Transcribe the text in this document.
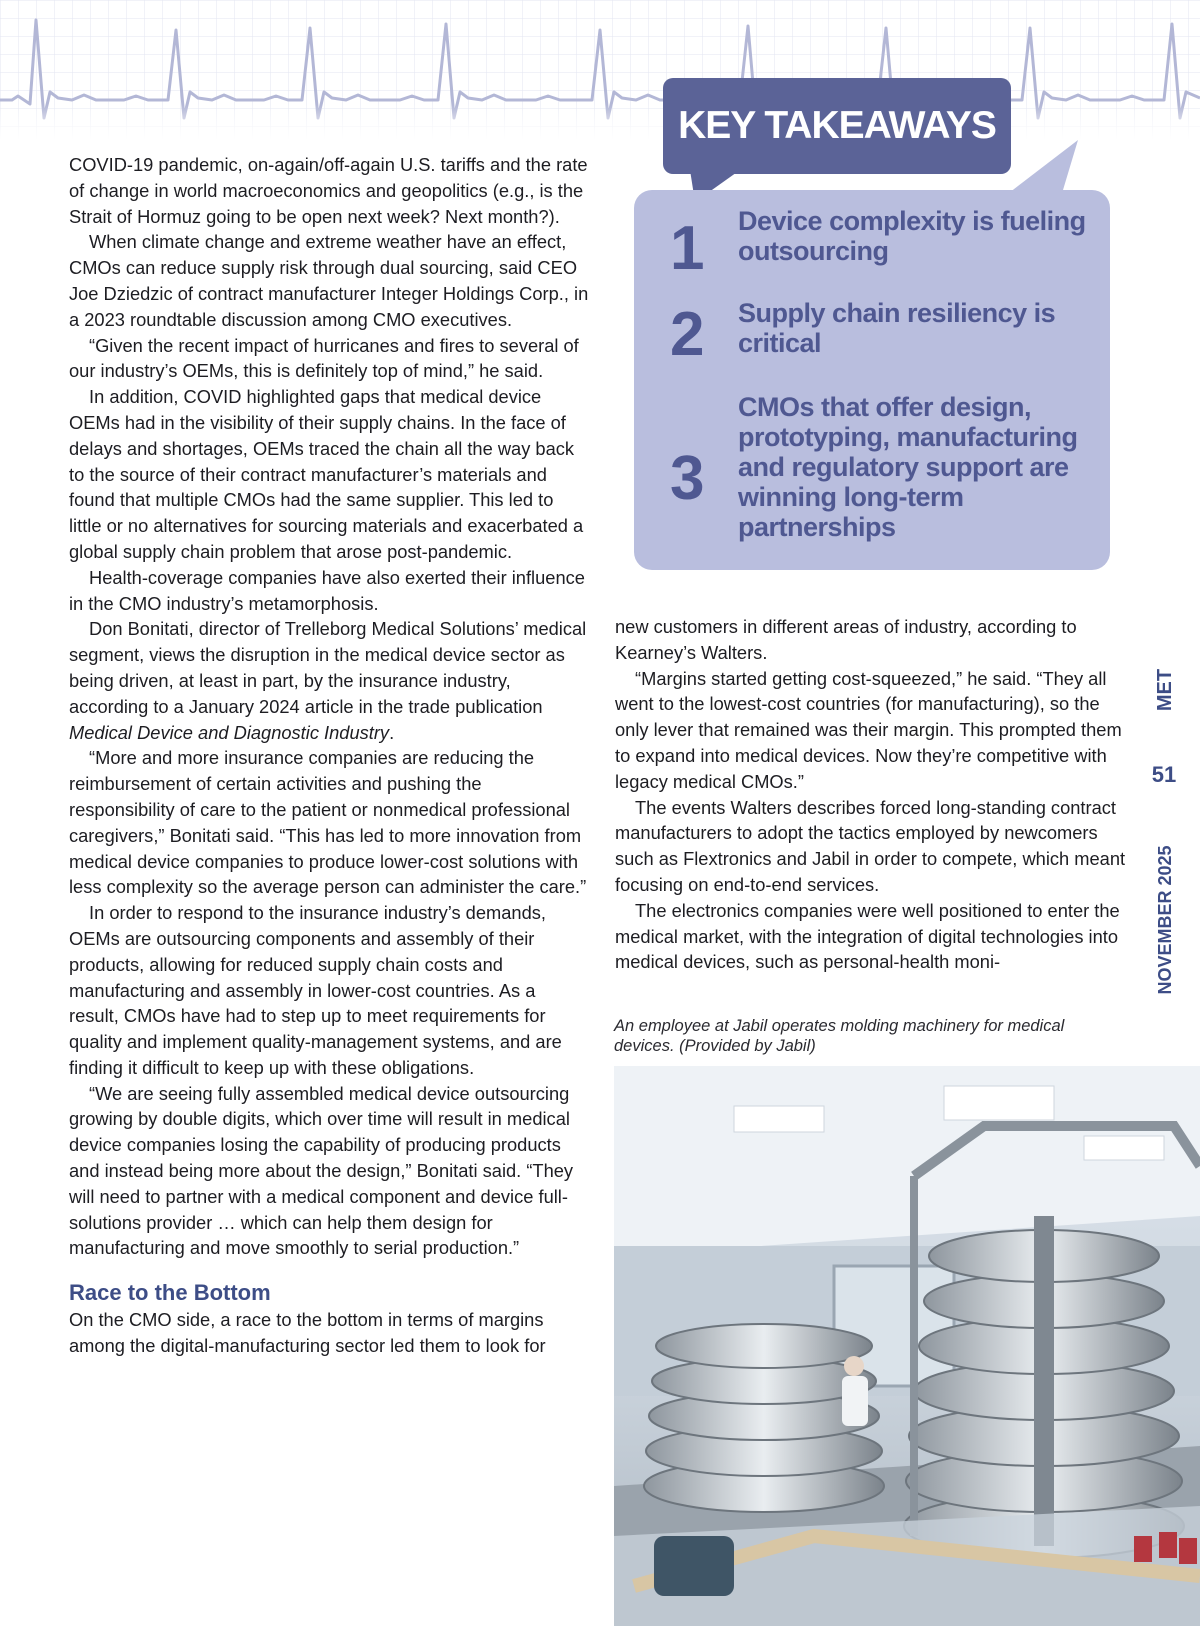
COVID-19 pandemic, on-again/off-again U.S. tariffs and the rate of change in world macroeconomics and geopolitics (e.g., is the Strait of Hormuz going to be open next week? Next month?).

When climate change and extreme weather have an effect, CMOs can reduce supply risk through dual sourcing, said CEO Joe Dziedzic of contract manufacturer Integer Holdings Corp., in a 2023 roundtable discussion among CMO executives.

“Given the recent impact of hurricanes and fires to several of our industry’s OEMs, this is definitely top of mind,” he said.

In addition, COVID highlighted gaps that medical device OEMs had in the visibility of their supply chains. In the face of delays and shortages, OEMs traced the chain all the way back to the source of their contract manufacturer’s materials and found that multiple CMOs had the same supplier. This led to little or no alternatives for sourcing materials and exacerbated a global supply chain problem that arose post-pandemic.

Health-coverage companies have also exerted their influence in the CMO industry’s metamorphosis.

Don Bonitati, director of Trelleborg Medical Solutions’ medical segment, views the disruption in the medical device sector as being driven, at least in part, by the insurance industry, according to a January 2024 article in the trade publication Medical Device and Diagnostic Industry.

“More and more insurance companies are reducing the reimbursement of certain activities and pushing the responsibility of care to the patient or nonmedical professional caregivers,” Bonitati said. “This has led to more innovation from medical device companies to produce lower-cost solutions with less complexity so the average person can administer the care.”

In order to respond to the insurance industry’s demands, OEMs are outsourcing components and assembly of their products, allowing for reduced supply chain costs and manufacturing and assembly in lower-cost countries. As a result, CMOs have had to step up to meet requirements for quality and implement quality-management systems, and are finding it difficult to keep up with these obligations.

“We are seeing fully assembled medical device outsourcing growing by double digits, which over time will result in medical device companies losing the capability of producing products and instead being more about the design,” Bonitati said. “They will need to partner with a medical component and device full-solutions provider … which can help them design for manufacturing and move smoothly to serial production.”

Race to the Bottom

On the CMO side, a race to the bottom in terms of margins among the digital-manufacturing sector led them to look for

1 Device complexity is fueling outsourcing
2 Supply chain resiliency is critical
3
CMOs that offer design, prototyping, manufacturing and regulatory support are winning long-term partnerships
KEY TAKEAWAYS

new customers in different areas of industry, according to Kearney’s Walters.

“Margins started getting cost-squeezed,” he said. “They all went to the lowest-cost countries (for manufacturing), so the only lever that remained was their margin. This prompted them to expand into medical devices. Now they’re competitive with legacy medical CMOs.”

The events Walters describes forced long-standing contract manufacturers to adopt the tactics employed by newcomers such as Flextronics and Jabil in order to compete, which meant focusing on end-to-end services.

The electronics companies were well positioned to enter the medical market, with the integration of digital technologies into medical devices, such as personal-health moni-

MET
51
NOVEMBER 2025

An employee at Jabil operates molding machinery for medical devices. (Provided by Jabil)
